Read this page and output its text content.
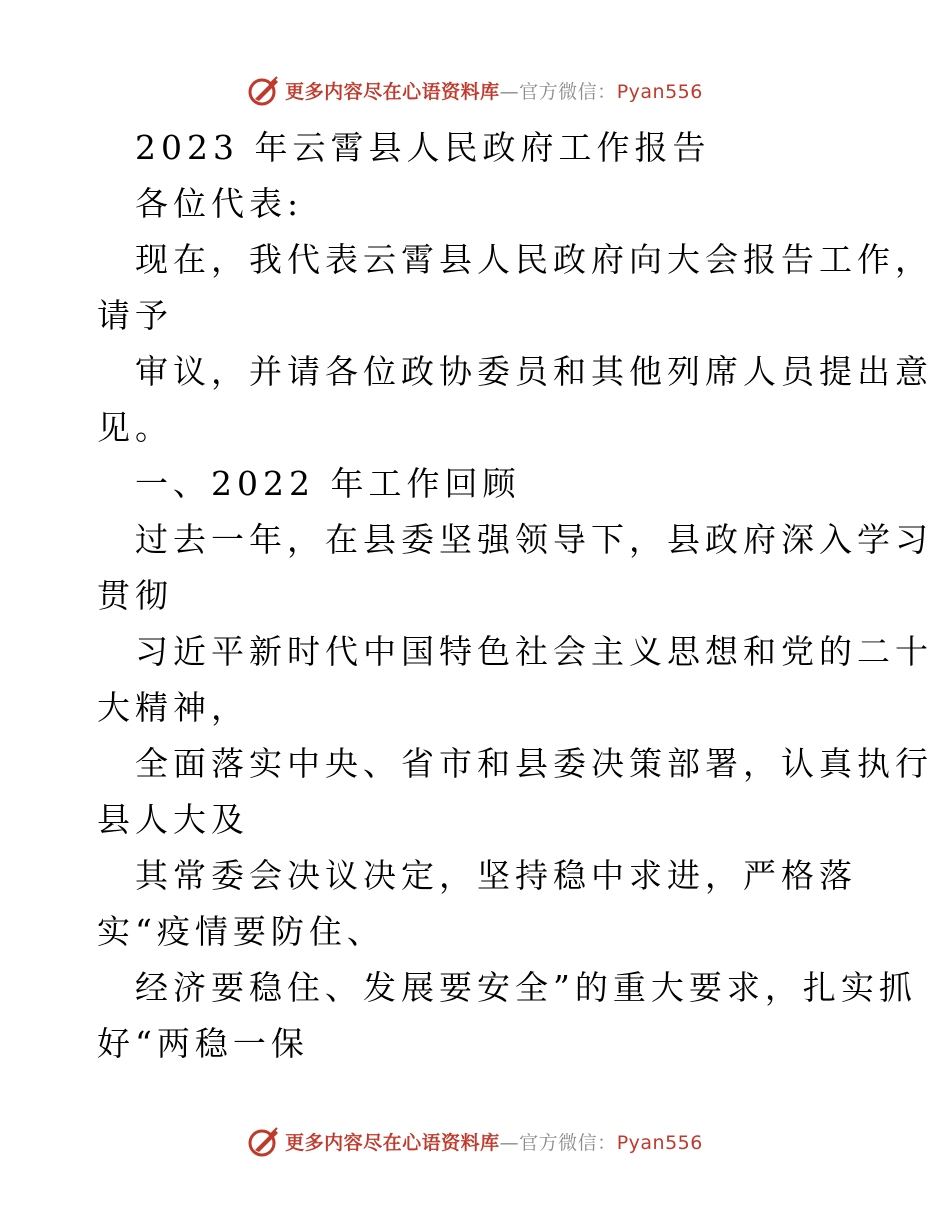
更多内容尽在心语资料库—官方微信：Pyan556
2023 年云霄县人民政府工作报告
各位代表:
现在，我代表云霄县人民政府向大会报告工作，
请予
审议，并请各位政协委员和其他列席人员提出意
见。
一、2022 年工作回顾
过去一年，在县委坚强领导下，县政府深入学习
贯彻
习近平新时代中国特色社会主义思想和党的二十
大精神，
全面落实中央、省市和县委决策部署，认真执行
县人大及
其常委会决议决定，坚持稳中求进，严格落
实“疫情要防住、
经济要稳住、发展要安全”的重大要求，扎实抓
好“两稳一保
更多内容尽在心语资料库—官方微信：Pyan556
